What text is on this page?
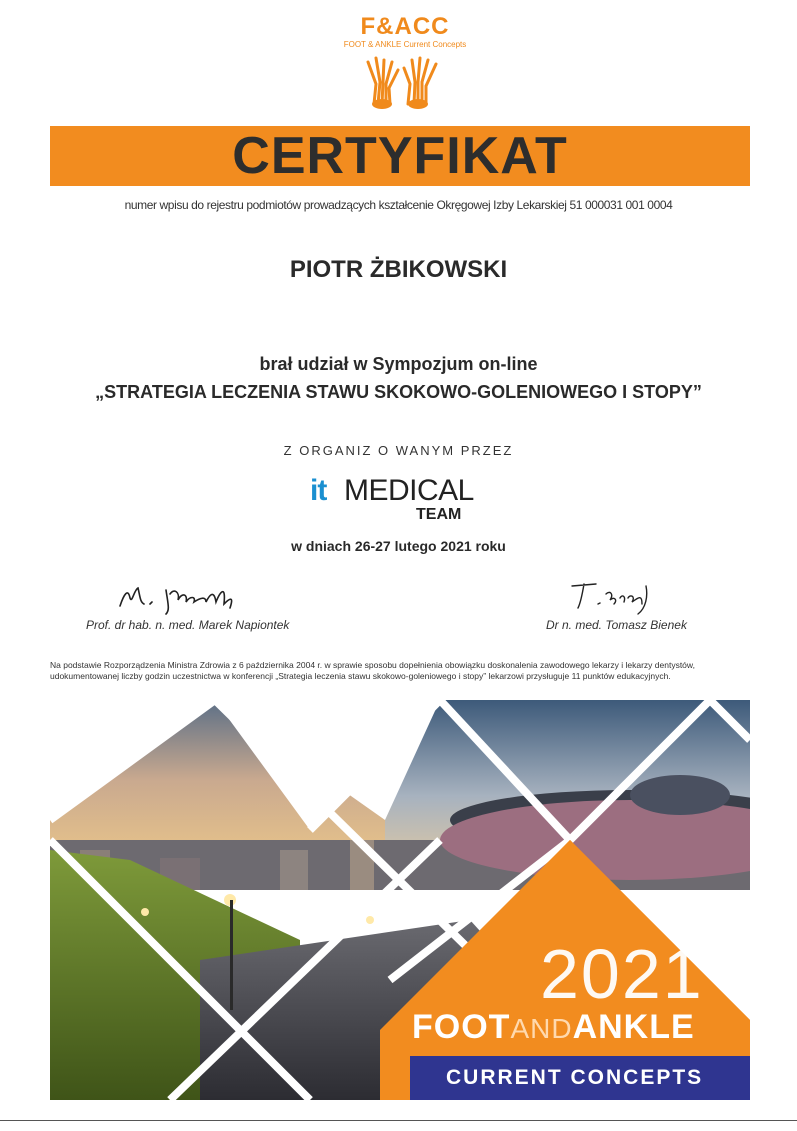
F&ACC
FOOT & ANKLE Current Concepts
CERTYFIKAT
numer wpisu do rejestru podmiotów prowadzących kształcenie Okręgowej Izby Lekarskiej 51 000031 001 0004
PIOTR ŻBIKOWSKI
brał udział w Sympozjum on-line
„STRATEGIA LECZENIA STAWU SKOKOWO-GOLENIOWEGO I STOPY”
Z ORGANIZ O WANYM PRZEZ
it MEDICAL
TEAM
w dniach 26-27 lutego 2021 roku
Prof. dr hab. n. med. Marek Napiontek	Dr n. med. Tomasz Bienek
Na podstawie Rozporządzenia Ministra Zdrowia z 6 października 2004 r. w sprawie sposobu dopełnienia obowiązku doskonalenia zawodowego lekarzy i lekarzy dentystów, udokumentowanej liczby godzin uczestnictwa w konferencji „Strategia leczenia stawu skokowo-goleniowego i stopy” lekarzowi przysługuje 11 punktów edukacyjnych.
2021
FOOTANDANKLE
CURRENT CONCEPTS
